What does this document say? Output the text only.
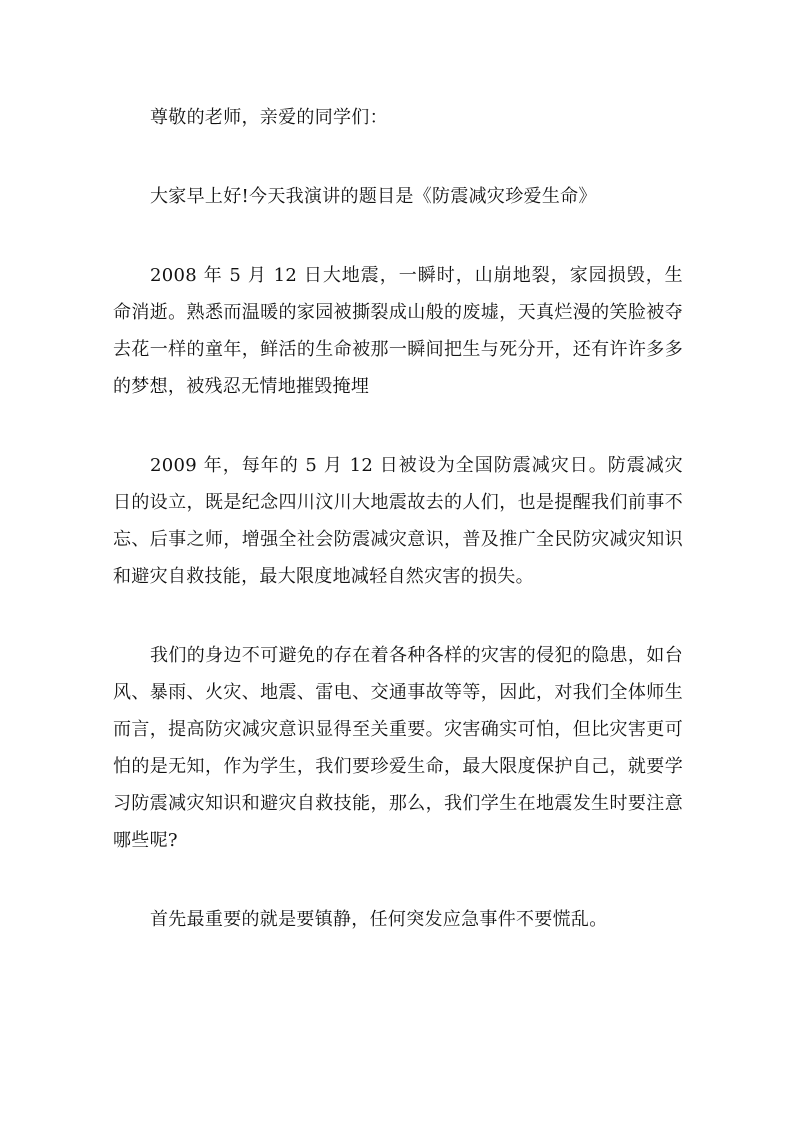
尊敬的老师，亲爱的同学们：

大家早上好!今天我演讲的题目是《防震减灾珍爱生命》

2008 年 5 月 12 日大地震，一瞬时，山崩地裂，家园损毁，生命消逝。熟悉而温暖的家园被撕裂成山般的废墟，天真烂漫的笑脸被夺去花一样的童年，鲜活的生命被那一瞬间把生与死分开，还有许许多多的梦想，被残忍无情地摧毁掩埋

2009 年，每年的 5 月 12 日被设为全国防震减灾日。防震减灾日的设立，既是纪念四川汶川大地震故去的人们，也是提醒我们前事不忘、后事之师，增强全社会防震减灾意识，普及推广全民防灾减灾知识和避灾自救技能，最大限度地减轻自然灾害的损失。

我们的身边不可避免的存在着各种各样的灾害的侵犯的隐患，如台风、暴雨、火灾、地震、雷电、交通事故等等，因此，对我们全体师生而言，提高防灾减灾意识显得至关重要。灾害确实可怕，但比灾害更可怕的是无知，作为学生，我们要珍爱生命，最大限度保护自己，就要学习防震减灾知识和避灾自救技能，那么，我们学生在地震发生时要注意哪些呢?

首先最重要的就是要镇静，任何突发应急事件不要慌乱。
